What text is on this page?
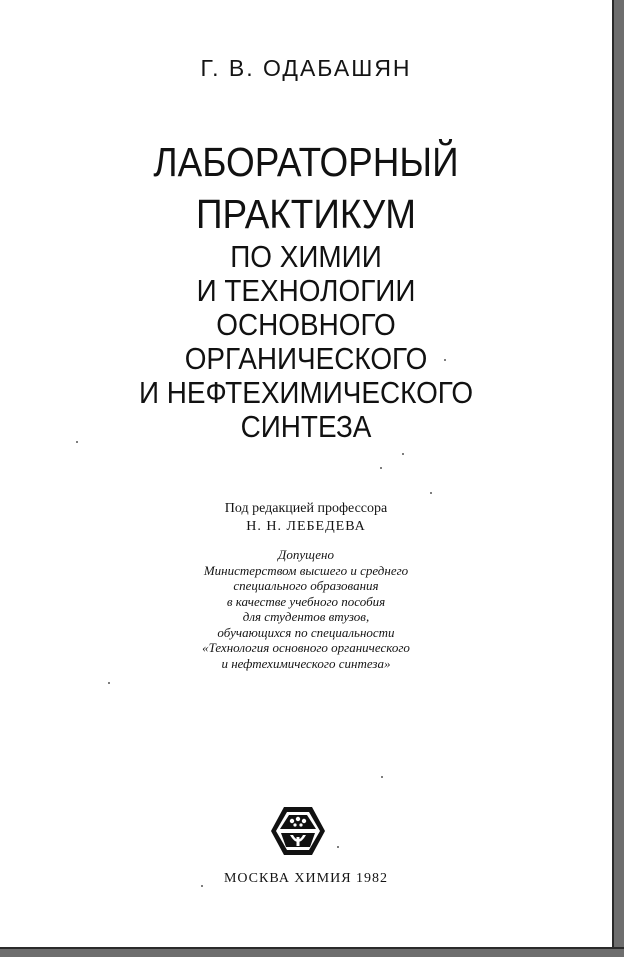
Г. В. ОДАБАШЯН
ЛАБОРАТОРНЫЙ
ПРАКТИКУМ
ПО ХИМИИ
И ТЕХНОЛОГИИ
ОСНОВНОГО
ОРГАНИЧЕСКОГО
И НЕФТЕХИМИЧЕСКОГО
СИНТЕЗА
Под редакцией профессора
Н. Н. ЛЕБЕДЕВА
Допущено
Министерством высшего и среднего
специального образования
в качестве учебного пособия
для студентов втузов,
обучающихся по специальности
«Технология основного органического
и нефтехимического синтеза»
МОСКВА ХИМИЯ 1982
